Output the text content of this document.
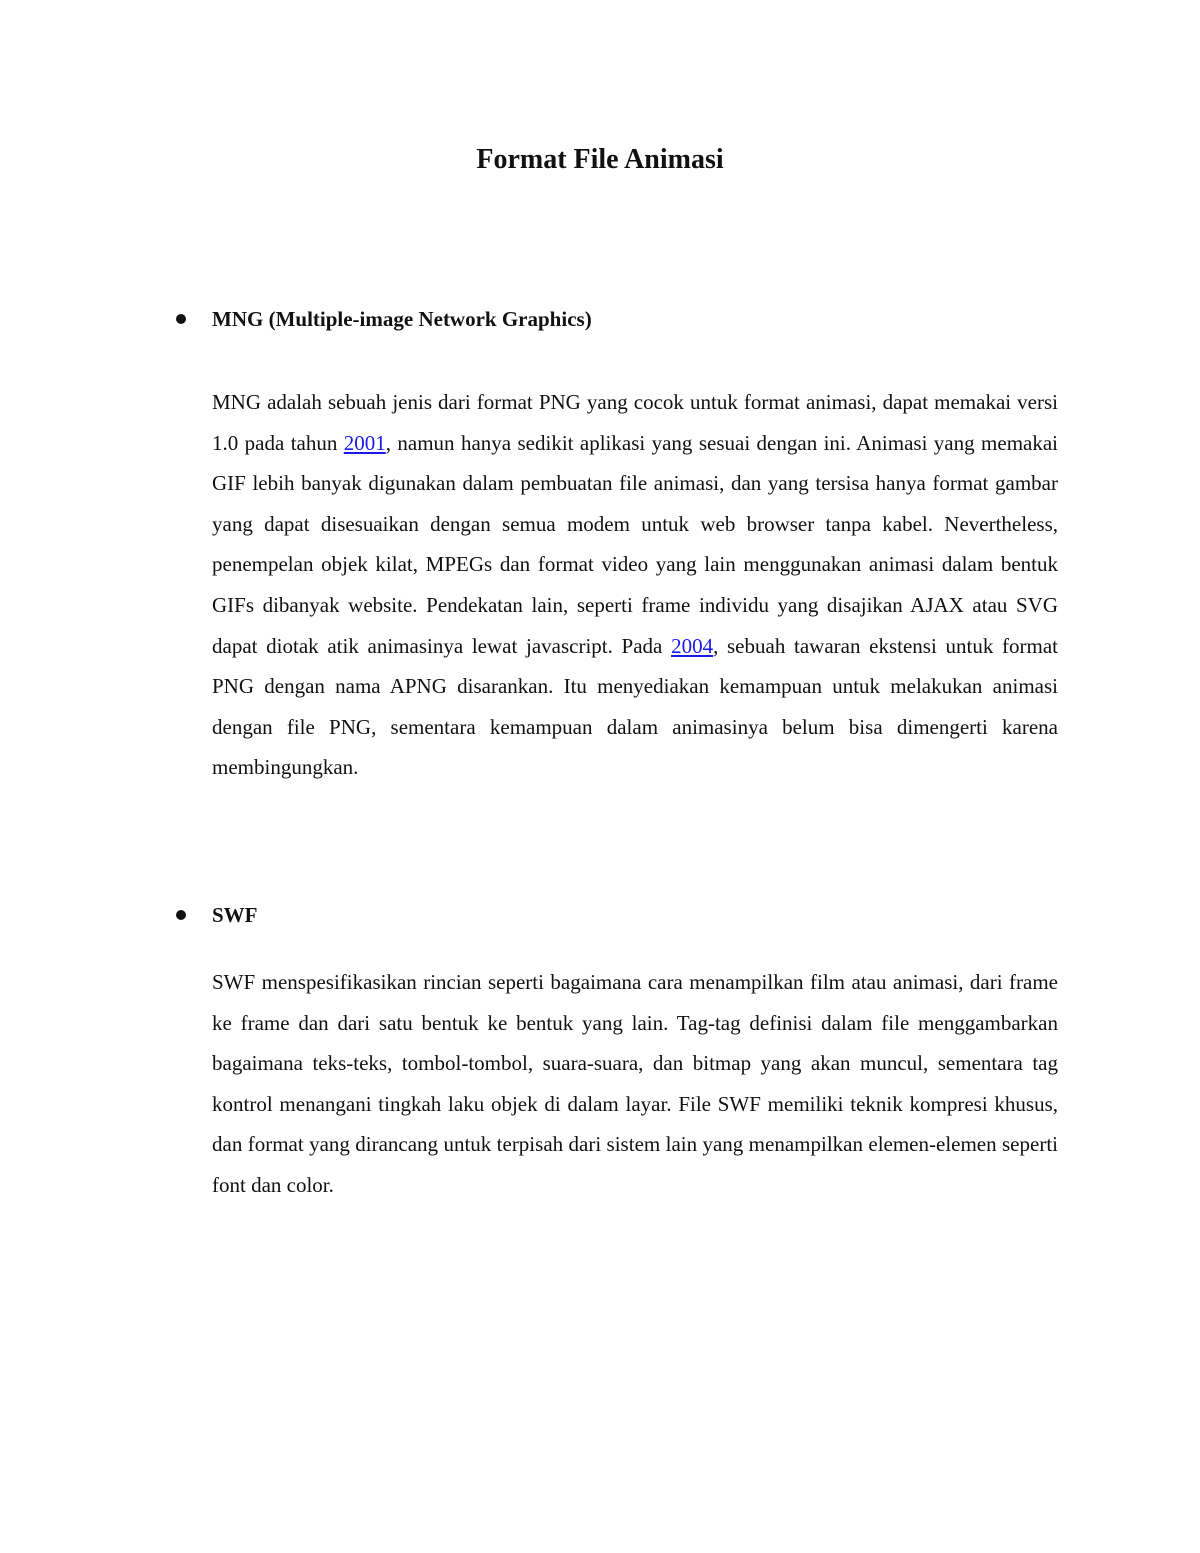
Format File Animasi
MNG (Multiple-image Network Graphics)

MNG adalah sebuah jenis dari format PNG yang cocok untuk format animasi, dapat memakai versi 1.0 pada tahun 2001, namun hanya sedikit aplikasi yang sesuai dengan ini. Animasi yang memakai GIF lebih banyak digunakan dalam pembuatan file animasi, dan yang tersisa hanya format gambar yang dapat disesuaikan dengan semua modem untuk web browser tanpa kabel. Nevertheless, penempelan objek kilat, MPEGs dan format video yang lain menggunakan animasi dalam bentuk GIFs dibanyak website. Pendekatan lain, seperti frame individu yang disajikan AJAX atau SVG dapat diotak atik animasinya lewat javascript. Pada 2004, sebuah tawaran ekstensi untuk format PNG dengan nama APNG disarankan. Itu menyediakan kemampuan untuk melakukan animasi dengan file PNG, sementara kemampuan dalam animasinya belum bisa dimengerti karena membingungkan.

SWF

SWF menspesifikasikan rincian seperti bagaimana cara menampilkan film atau animasi, dari frame ke frame dan dari satu bentuk ke bentuk yang lain. Tag-tag definisi dalam file menggambarkan bagaimana teks-teks, tombol-tombol, suara-suara, dan bitmap yang akan muncul, sementara tag kontrol menangani tingkah laku objek di dalam layar. File SWF memiliki teknik kompresi khusus, dan format yang dirancang untuk terpisah dari sistem lain yang menampilkan elemen-elemen seperti font dan color.
